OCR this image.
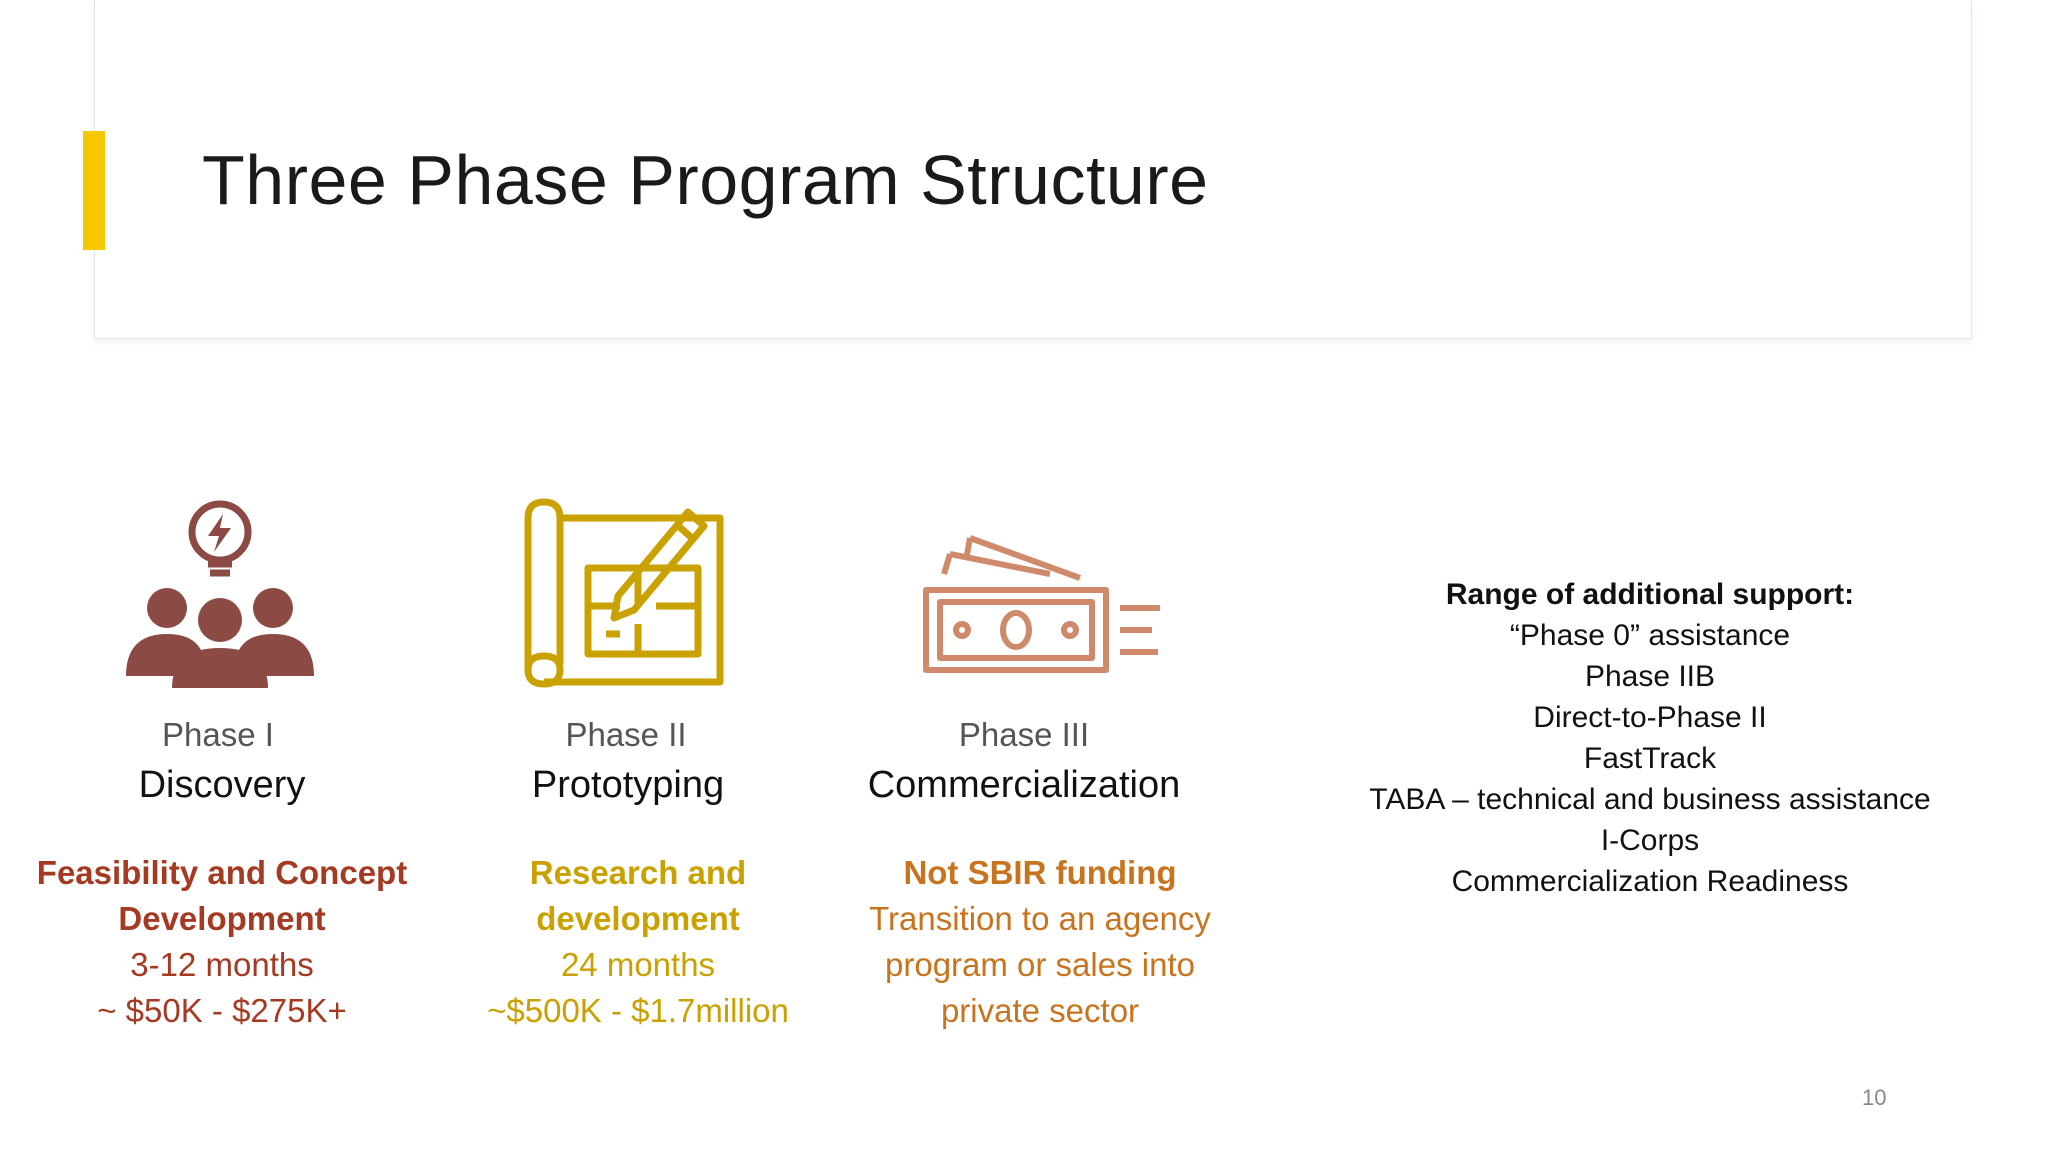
Three Phase Program Structure
Phase I
Discovery
Feasibility and Concept
Development
3-12 months
~ $50K - $275K+
Phase II
Prototyping
Research and
development
24 months
~$500K - $1.7million
Phase III
Commercialization
Not SBIR funding
Transition to an agency
program or sales into
private sector
Range of additional support:
“Phase 0” assistance
Phase IIB
Direct-to-Phase II
FastTrack
TABA – technical and business assistance
I-Corps
Commercialization Readiness
10
